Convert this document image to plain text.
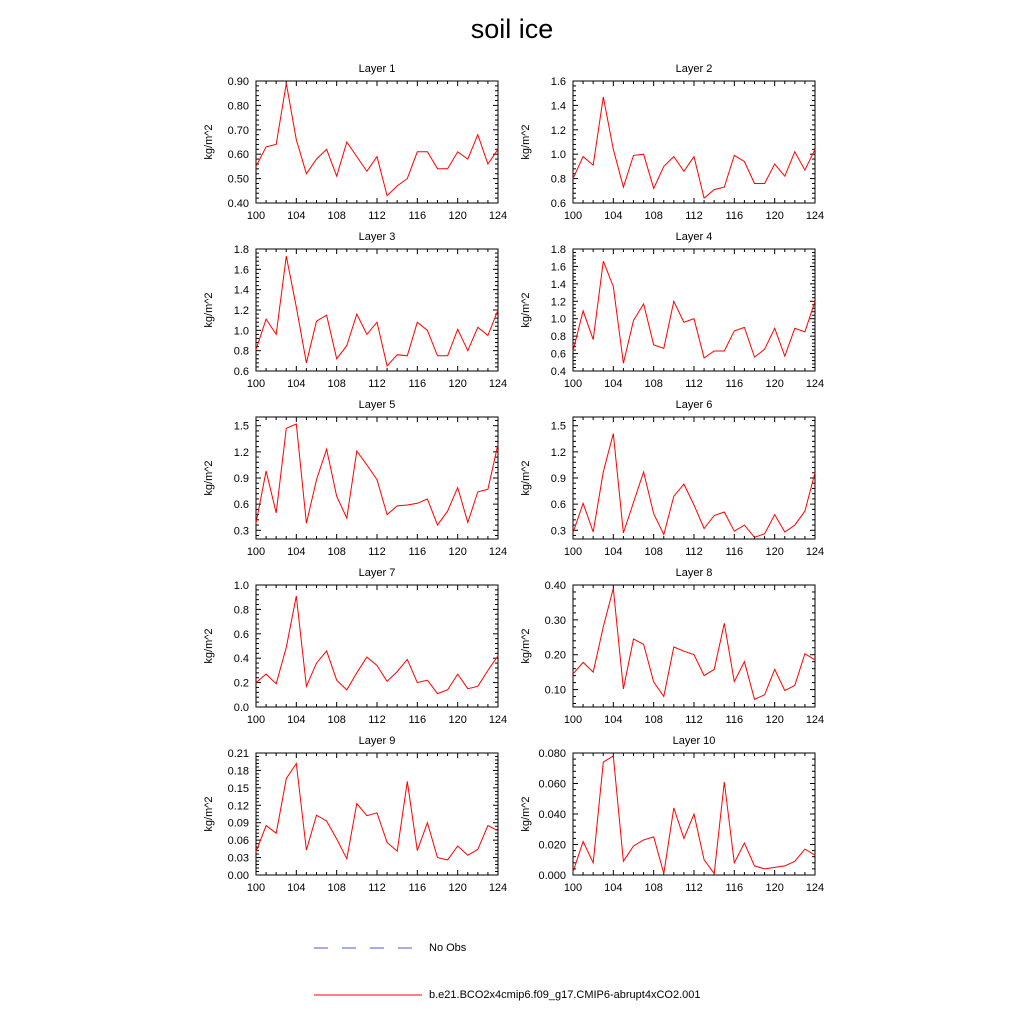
soil ice
Layer 1
kg/m^2
100 104 108 112 116 120 124
0.40
0.50
0.60
0.70
0.80
0.90
Layer 2
kg/m^2
100 104 108 112 116 120 124
0.6
0.8
1.0
1.2
1.4
1.6
Layer 3
kg/m^2
100 104 108 112 116 120 124
0.6
0.8
1.0
1.2
1.4
1.6
1.8
Layer 4
kg/m^2
100 104 108 112 116 120 124
0.4
0.6
0.8
1.0
1.2
1.4
1.6
1.8
Layer 5
kg/m^2
100 104 108 112 116 120 124
0.3
0.6
0.9
1.2
1.5
Layer 6
kg/m^2
100 104 108 112 116 120 124
0.3
0.6
0.9
1.2
1.5
Layer 7
kg/m^2
100 104 108 112 116 120 124
0.0
0.2
0.4
0.6
0.8
1.0
Layer 8
kg/m^2
100 104 108 112 116 120 124
0.10
0.20
0.30
0.40
Layer 9
kg/m^2
100 104 108 112 116 120 124
0.00
0.03
0.06
0.09
0.12
0.15
0.18
0.21
Layer 10
kg/m^2
100 104 108 112 116 120 124
0.000
0.020
0.040
0.060
0.080
No Obs
b.e21.BCO2x4cmip6.f09_g17.CMIP6-abrupt4xCO2.001
